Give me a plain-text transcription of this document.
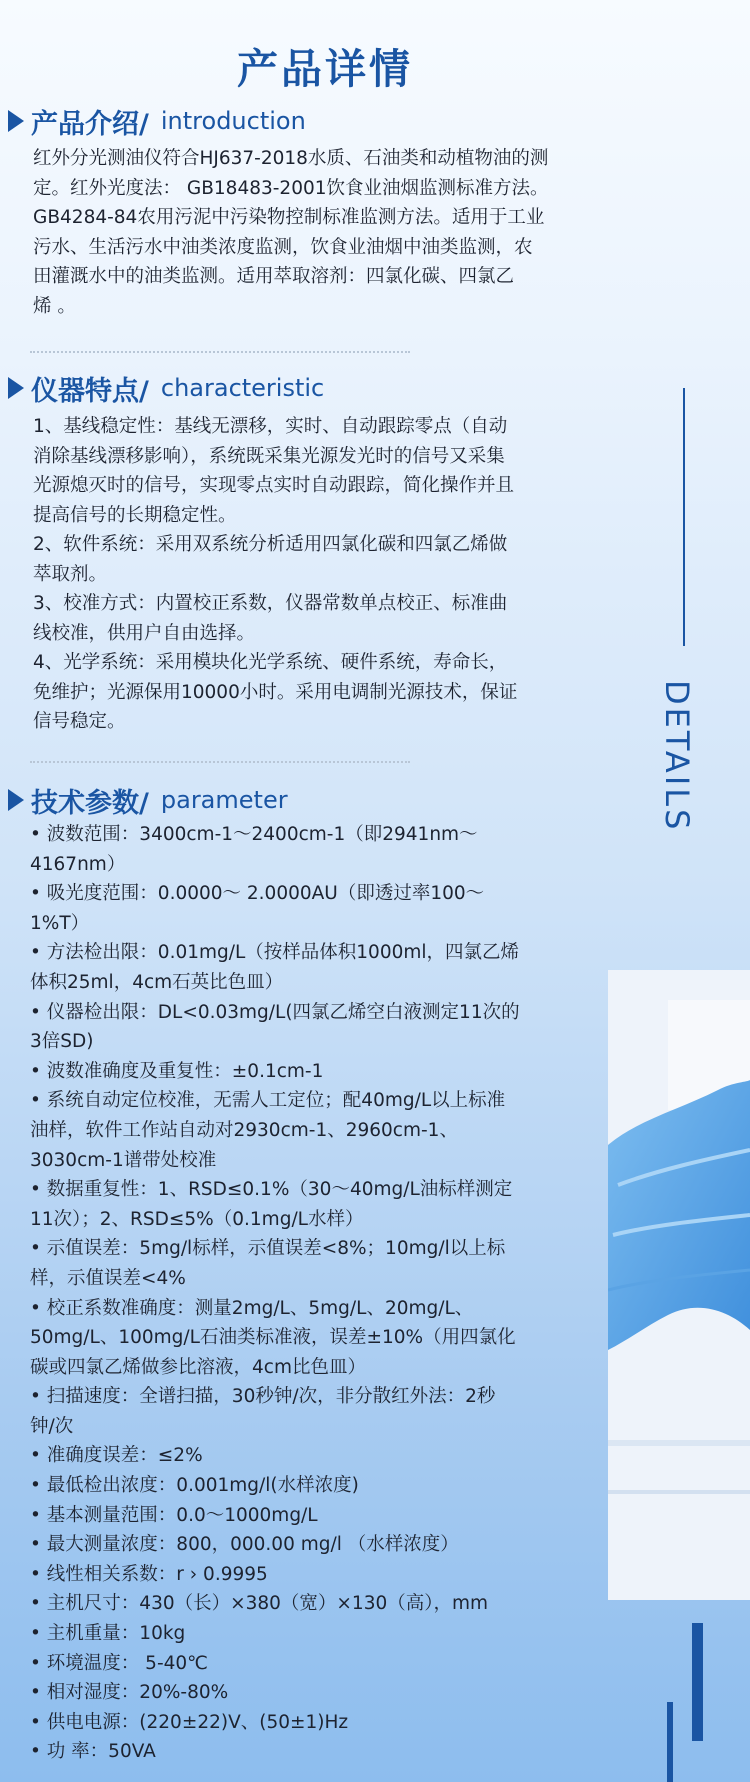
产品详情
产品介绍/ introduction

红外分光测油仪符合HJ637-2018水质、石油类和动植物油的测

定。红外光度法： GB18483-2001饮食业油烟监测标准方法。

GB4284-84农用污泥中污染物控制标准监测方法。适用于工业

污水、生活污水中油类浓度监测，饮食业油烟中油类监测，农

田灌溉水中的油类监测。适用萃取溶剂：四氯化碳、四氯乙

烯 。

仪器特点/ characteristic

1、基线稳定性：基线无漂移，实时、自动跟踪零点（自动

消除基线漂移影响），系统既采集光源发光时的信号又采集

光源熄灭时的信号，实现零点实时自动跟踪，简化操作并且

提高信号的长期稳定性。

2、软件系统：采用双系统分析适用四氯化碳和四氯乙烯做

萃取剂。

3、校准方式：内置校正系数，仪器常数单点校正、标准曲

线校准，供用户自由选择。

4、光学系统：采用模块化光学系统、硬件系统，寿命长，

免维护；光源保用10000小时。采用电调制光源技术，保证

信号稳定。

技术参数/ parameter

• 波数范围：3400cm-1～2400cm-1（即2941nm～

4167nm）

• 吸光度范围：0.0000～ 2.0000AU（即透过率100～

1%T）

• 方法检出限：0.01mg/L（按样品体积1000ml，四氯乙烯

体积25ml，4cm石英比色皿）

• 仪器检出限：DL<0.03mg/L(四氯乙烯空白液测定11次的

3倍SD)

• 波数准确度及重复性：±0.1cm-1

• 系统自动定位校准，无需人工定位；配40mg/L以上标准

油样，软件工作站自动对2930cm-1、2960cm-1、

3030cm-1谱带处校准

• 数据重复性：1、RSD≤0.1%（30～40mg/L油标样测定

11次）；2、RSD≤5%（0.1mg/L水样）

• 示值误差：5mg/l标样，示值误差<8%；10mg/l以上标

样，示值误差<4%

• 校正系数准确度：测量2mg/L、5mg/L、20mg/L、

50mg/L、100mg/L石油类标准液，误差±10%（用四氯化

碳或四氯乙烯做参比溶液，4cm比色皿）

• 扫描速度：全谱扫描，30秒钟/次，非分散红外法：2秒

钟/次

• 准确度误差：≤2%

• 最低检出浓度：0.001mg/l(水样浓度)

• 基本测量范围：0.0～1000mg/L

• 最大测量浓度：800，000.00 mg/l （水样浓度）

• 线性相关系数：r › 0.9995

• 主机尺寸：430（长）×380（宽）×130（高），mm

• 主机重量：10kg

• 环境温度： 5-40℃

• 相对湿度：20%-80%

• 供电电源：(220±22)V、(50±1)Hz

• 功 率：50VA

DETAILS
